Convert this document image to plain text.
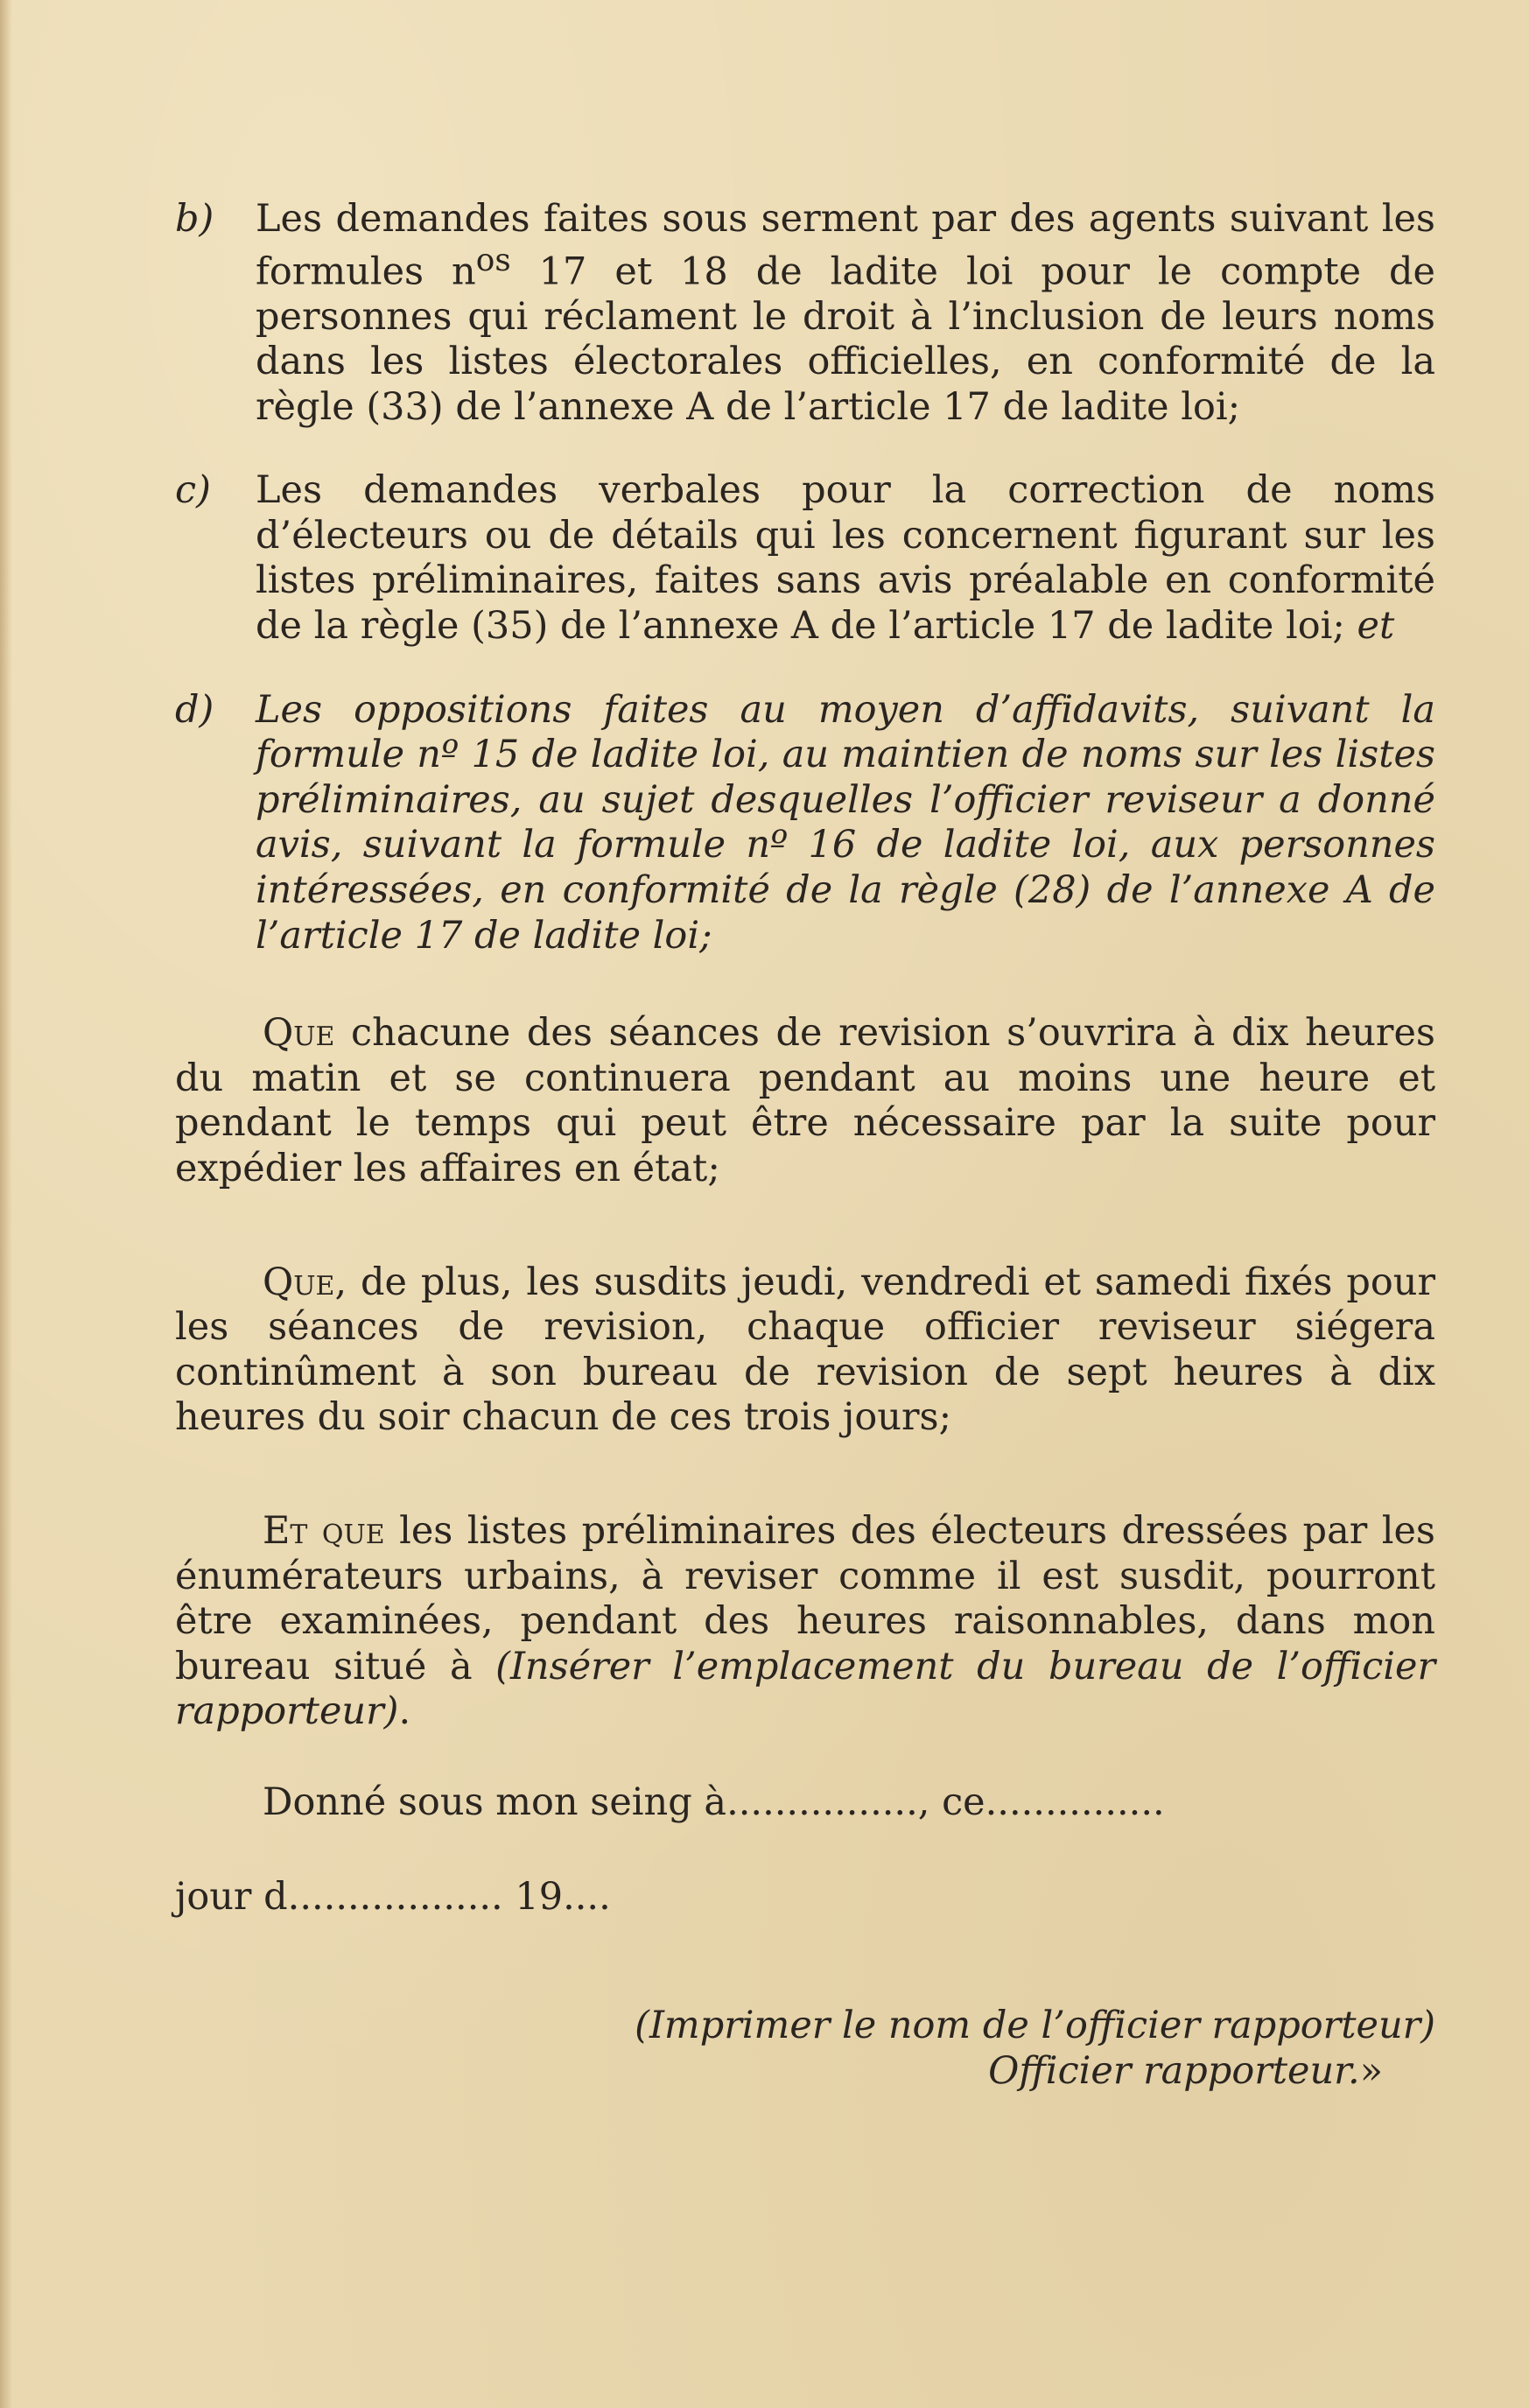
b)	Les demandes faites sous serment par des agents suivant les formules $n^{os}$ 17 et 18 de ladite loi pour le compte de personnes qui réclament le droit à l’inclusion de leurs noms dans les listes électorales officielles, en conformité de la règle (33) de l’annexe A de l’article 17 de ladite loi;
c)	Les demandes verbales pour la correction de noms d’électeurs ou de détails qui les concernent figurant sur les listes préliminaires, faites sans avis préalable en conformité de la règle (35) de l’annexe A de l’article 17 de ladite loi; et
d)	Les oppositions faites au moyen d’affidavits, suivant la formule nº 15 de ladite loi, au maintien de noms sur les listes préliminaires, au sujet desquelles l’officier reviseur a donné avis, suivant la formule nº 16 de ladite loi, aux personnes intéressées, en conformité de la règle (28) de l’annexe A de l’article 17 de ladite loi;

Que chacune des séances de revision s’ouvrira à dix heures du matin et se continuera pendant au moins une heure et pendant le temps qui peut être nécessaire par la suite pour expédier les affaires en état;

Que, de plus, les susdits jeudi, vendredi et samedi fixés pour les séances de revision, chaque officier reviseur siégera continûment à son bureau de revision de sept heures à dix heures du soir chacun de ces trois jours;

Et que les listes préliminaires des électeurs dressées par les énumérateurs urbains, à reviser comme il est susdit, pourront être examinées, pendant des heures raisonnables, dans mon bureau situé à (Insérer l’emplacement du bureau de l’officier rapporteur).

Donné sous mon seing à................, ce...............
jour d.................. 19....
(Imprimer le nom de l’officier rapporteur)
Officier rapporteur.»
